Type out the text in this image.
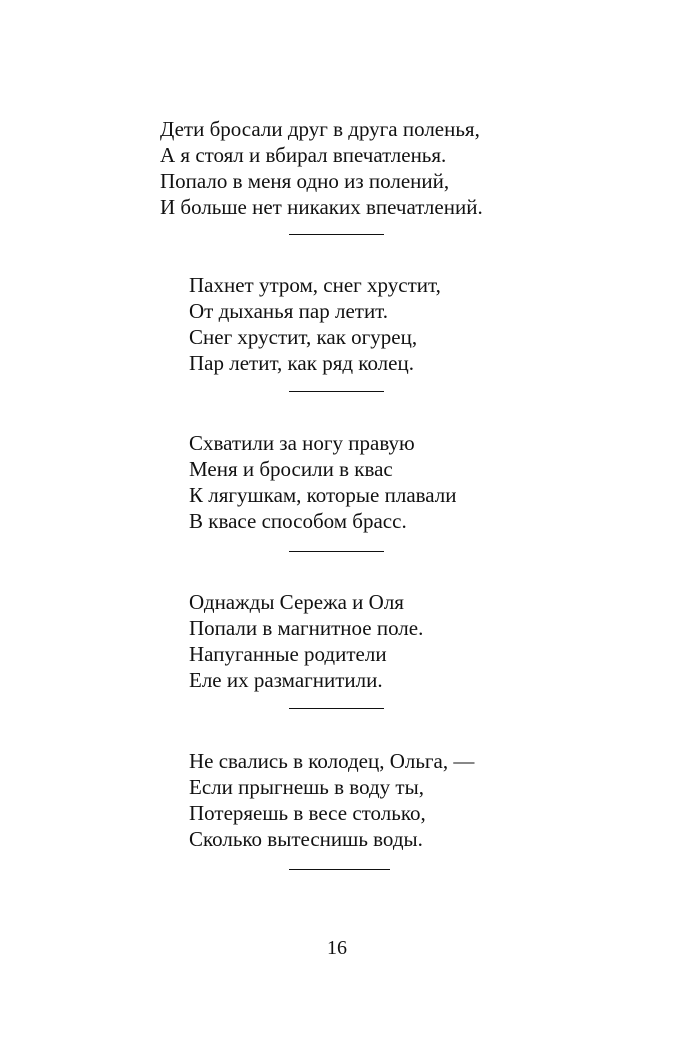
Дети бросали друг в друга поленья,
А я стоял и вбирал впечатленья.
Попало в меня одно из полений,
И больше нет никаких впечатлений.
Пахнет утром, снег хрустит,
От дыханья пар летит.
Снег хрустит, как огурец,
Пар летит, как ряд колец.
Схватили за ногу правую
Меня и бросили в квас
К лягушкам, которые плавали
В квасе способом брасс.
Однажды Сережа и Оля
Попали в магнитное поле.
Напуганные родители
Еле их размагнитили.
Не свались в колодец, Ольга, —
Если прыгнешь в воду ты,
Потеряешь в весе столько,
Сколько вытеснишь воды.
16
